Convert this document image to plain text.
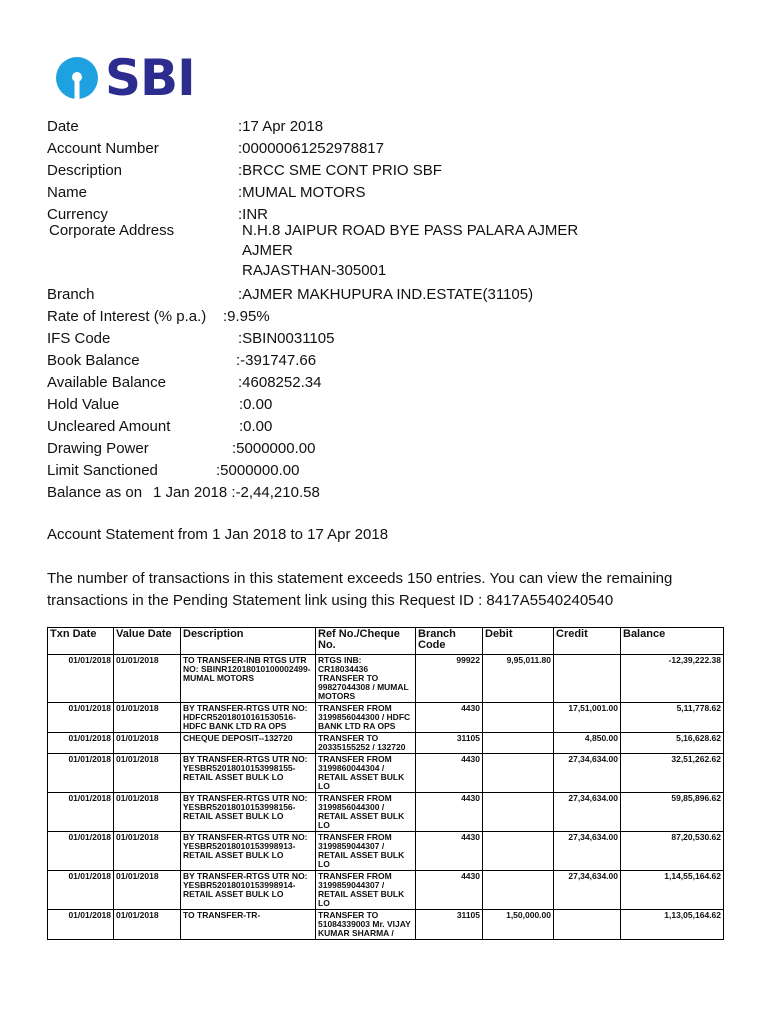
SBI
Date	:17 Apr 2018
Account Number	:00000061252978817
Description	:BRCC SME CONT PRIO SBF
Name	:MUMAL MOTORS
Currency	:INR
Corporate Address	N.H.8 JAIPUR ROAD BYE PASS PALARA AJMER
AJMER
RAJASTHAN-305001
Branch	:AJMER MAKHUPURA IND.ESTATE(31105)
Rate of Interest (% p.a.) :9.95%
IFS Code	:SBIN0031105
Book Balance	:-391747.66
Available Balance	:4608252.34
Hold Value	:0.00
Uncleared Amount	:0.00
Drawing Power	:5000000.00
Limit Sanctioned	:5000000.00
Balance as on 1 Jan 2018 :-2,44,210.58
Account Statement from 1 Jan 2018 to 17 Apr 2018
The number of transactions in this statement exceeds 150 entries. You can view the remaining
transactions in the Pending Statement link using this Request ID : 8417A5540240540
Txn Date	Value Date	Description	Ref No./Cheque No.	Branch Code	Debit	Credit	Balance
01/01/2018	01/01/2018	TO TRANSFER-INB RTGS UTR NO: SBINR12018010100002499-MUMAL MOTORS	RTGS INB: CR18034436 TRANSFER TO 99827044308 / MUMAL MOTORS	99922	9,95,011.80		-12,39,222.38
01/01/2018	01/01/2018	BY TRANSFER-RTGS UTR NO: HDFCR52018010161530516-HDFC BANK LTD RA OPS	TRANSFER FROM 3199856044300 / HDFC BANK LTD RA OPS	4430		17,51,001.00	5,11,778.62
01/01/2018	01/01/2018	CHEQUE DEPOSIT--132720	TRANSFER TO 20335155252 / 132720	31105		4,850.00	5,16,628.62
01/01/2018	01/01/2018	BY TRANSFER-RTGS UTR NO: YESBR52018010153998155-RETAIL ASSET BULK LO	TRANSFER FROM 3199860044304 / RETAIL ASSET BULK LO	4430		27,34,634.00	32,51,262.62
01/01/2018	01/01/2018	BY TRANSFER-RTGS UTR NO: YESBR52018010153998156-RETAIL ASSET BULK LO	TRANSFER FROM 3199856044300 / RETAIL ASSET BULK LO	4430		27,34,634.00	59,85,896.62
01/01/2018	01/01/2018	BY TRANSFER-RTGS UTR NO: YESBR52018010153998913-RETAIL ASSET BULK LO	TRANSFER FROM 3199859044307 / RETAIL ASSET BULK LO	4430		27,34,634.00	87,20,530.62
01/01/2018	01/01/2018	BY TRANSFER-RTGS UTR NO: YESBR52018010153998914-RETAIL ASSET BULK LO	TRANSFER FROM 3199859044307 / RETAIL ASSET BULK LO	4430		27,34,634.00	1,14,55,164.62
01/01/2018	01/01/2018	TO TRANSFER-TR-	TRANSFER TO 51084339003 Mr. VIJAY KUMAR SHARMA /	31105	1,50,000.00		1,13,05,164.62
